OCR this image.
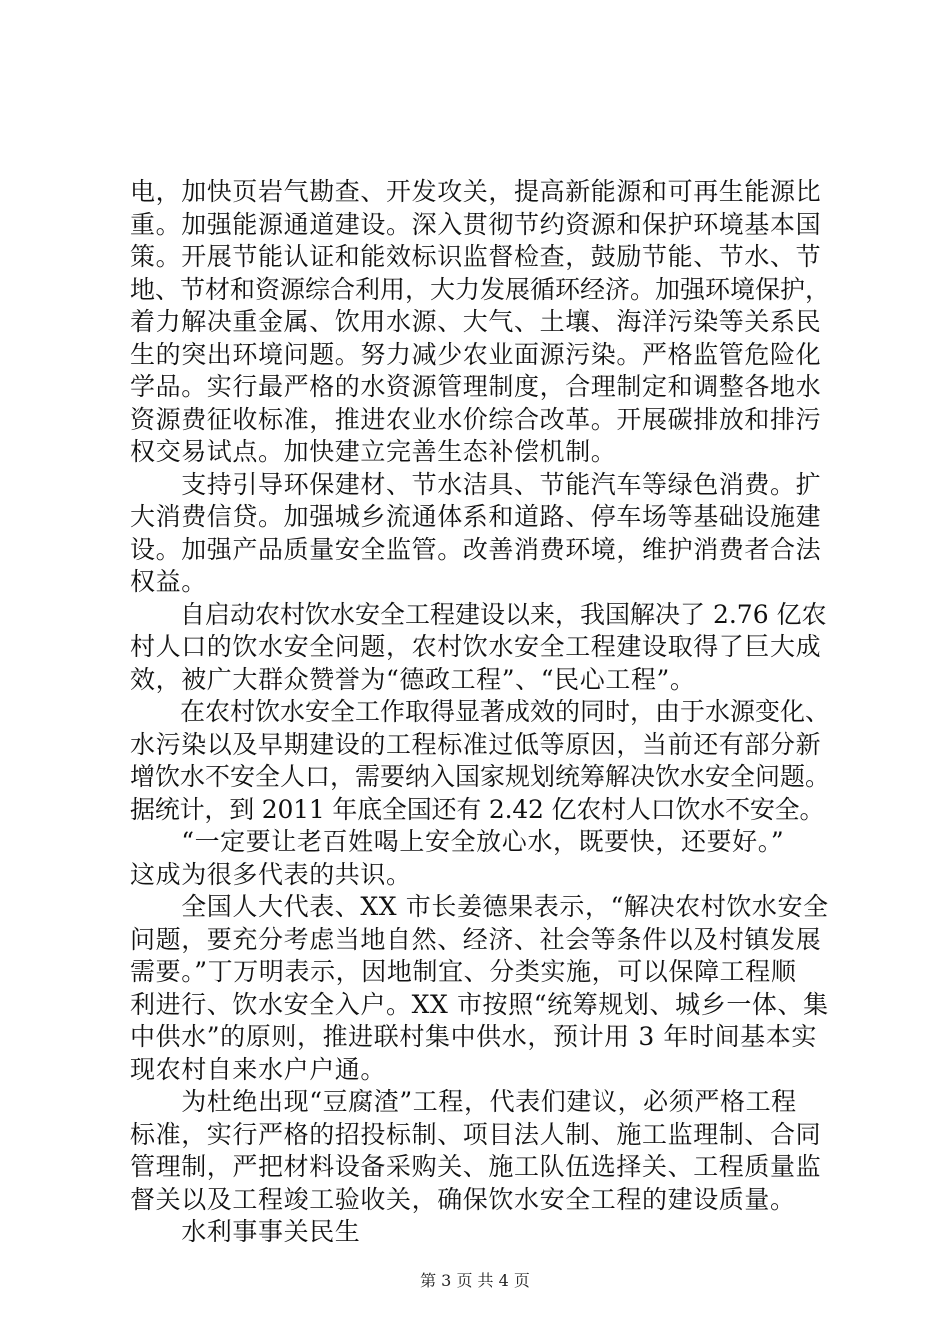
电，加快页岩气勘查、开发攻关，提高新能源和可再生能源比
重。加强能源通道建设。深入贯彻节约资源和保护环境基本国
策。开展节能认证和能效标识监督检查，鼓励节能、节水、节
地、节材和资源综合利用，大力发展循环经济。加强环境保护，
着力解决重金属、饮用水源、大气、土壤、海洋污染等关系民
生的突出环境问题。努力减少农业面源污染。严格监管危险化
学品。实行最严格的水资源管理制度，合理制定和调整各地水
资源费征收标准，推进农业水价综合改革。开展碳排放和排污
权交易试点。加快建立完善生态补偿机制。
　　支持引导环保建材、节水洁具、节能汽车等绿色消费。扩
大消费信贷。加强城乡流通体系和道路、停车场等基础设施建
设。加强产品质量安全监管。改善消费环境，维护消费者合法
权益。
　　自启动农村饮水安全工程建设以来，我国解决了 2.76 亿农
村人口的饮水安全问题，农村饮水安全工程建设取得了巨大成
效，被广大群众赞誉为“德政工程”、“民心工程”。
　　在农村饮水安全工作取得显著成效的同时，由于水源变化、
水污染以及早期建设的工程标准过低等原因，当前还有部分新
增饮水不安全人口，需要纳入国家规划统筹解决饮水安全问题。
据统计，到 2011 年底全国还有 2.42 亿农村人口饮水不安全。
　　“一定要让老百姓喝上安全放心水，既要快，还要好。”
这成为很多代表的共识。
　　全国人大代表、XX 市长姜德果表示，“解决农村饮水安全
问题，要充分考虑当地自然、经济、社会等条件以及村镇发展
需要。”丁万明表示，因地制宜、分类实施，可以保障工程顺
利进行、饮水安全入户。XX 市按照“统筹规划、城乡一体、集
中供水”的原则，推进联村集中供水，预计用 3 年时间基本实
现农村自来水户户通。
　　为杜绝出现“豆腐渣”工程，代表们建议，必须严格工程
标准，实行严格的招投标制、项目法人制、施工监理制、合同
管理制，严把材料设备采购关、施工队伍选择关、工程质量监
督关以及工程竣工验收关，确保饮水安全工程的建设质量。
　　水利事事关民生
第 3 页 共 4 页
